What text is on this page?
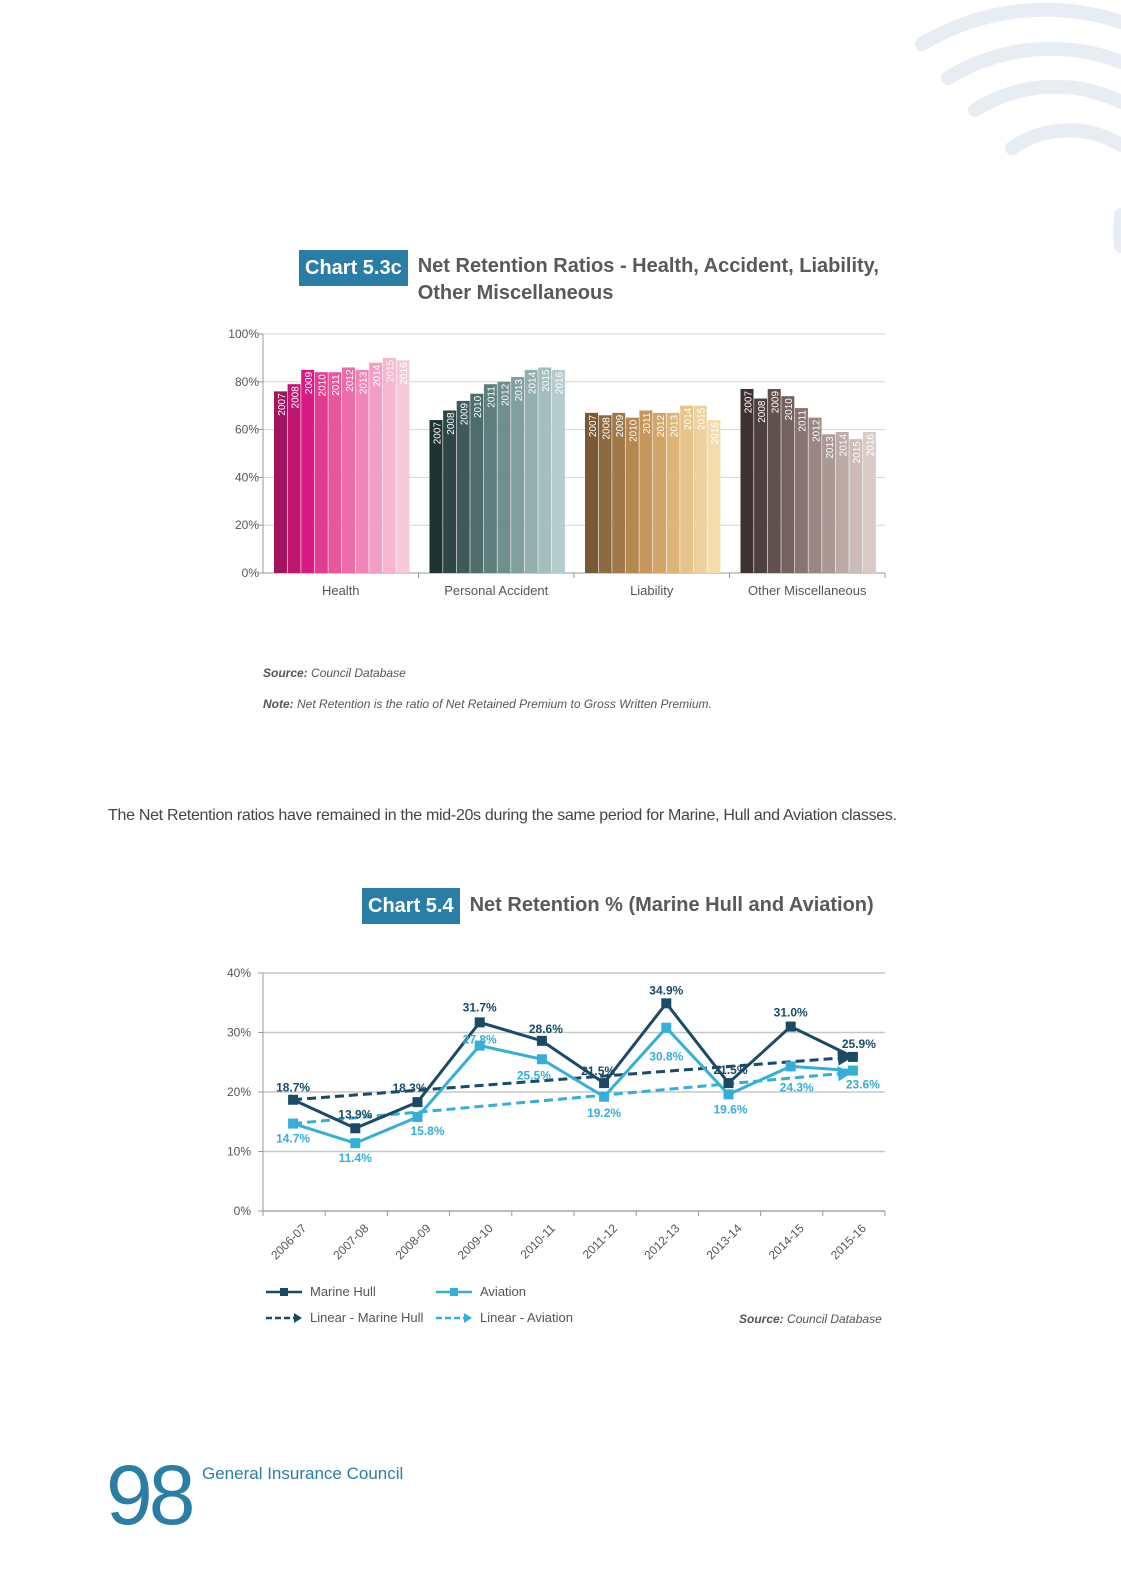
Chart 5.3c Net Retention Ratios - Health, Accident, Liability,
Other Miscellaneous
0%
20%
40%
60%
80%
100%
2007 2008
2009 2010 2011 2012 2013 2014 2015 2016
Health
2007 2008 2009 2010 2011 2012 2013 2014 2015 2016
Personal Accident
2007 2008 2009 2010 2011 2012 2013 2014 2015
2016
Liability
2007 2008 2009 2010
2011 2012
2013 2014 2015 2016
Other Miscellaneous
Source: Council Database
Note: Net Retention is the ratio of Net Retained Premium to Gross Written Premium.
The Net Retention ratios have remained in the mid-20s during the same period for Marine, Hull and Aviation classes.
Chart 5.4 Net Retention % (Marine Hull and Aviation)
0%
10%
20%
30%
40%
2006-07 2007-08 2008-09 2009-10 2010-11 2011-12 2012-13 2013-14 2014-15 2015-16
18.7%
13.9%
18.3%
31.7%
28.6%
21.5%
34.9%
21.5%
31.0%
25.9%
14.7%
11.4%
15.8%
27.8%
25.5%
19.2%
30.8%
19.6%
24.3%	23.6%
Marine Hull	Aviation
Linear - Marine Hull	Linear - Aviation	Source: Council Database
98 General Insurance Council
